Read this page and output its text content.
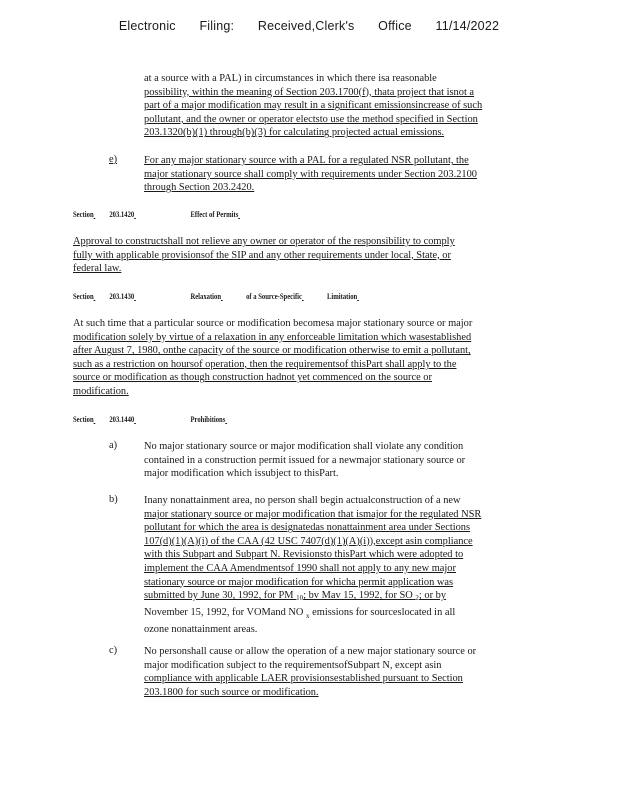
Electronic Filing: Received,Clerk's Office 11/14/2022
at a source with a PAL) in circumstances in which there isa reasonable
possibility, within the meaning of Section 203.1700(f), thata project that isnot a
part of a major modification may result in a significant emissionsincrease of such
pollutant, and the owner or operator electsto use the method specified in Section
203.1320(b)(1) through(b)(3) for calculating projected actual emissions.
e)	For any major stationary source with a PAL for a regulated NSR pollutant, the
major stationary source shall comply with requirements under Section 203.2100
through Section 203.2420.
Section 203.1420	Effect of Permits
Approval to constructshall not relieve any owner or operator of the responsibility to comply
fully with applicable provisionsof the SIP and any other requirements under local, State, or
federal law.
Section 203.1430	Relaxation	of a Source-Specific	Limitation
At such time that a particular source or modification becomesa major stationary source or major
modification solely by virtue of a relaxation in any enforceable limitation which wasestablished
after August 7, 1980, onthe capacity of the source or modification otherwise to emit a pollutant,
such as a restriction on hoursof operation, then the requirementsof thisPart shall apply to the
source or modification as though construction hadnot yet commenced on the source or
modification.
Section 203.1440	Prohibitions
a)	No major stationary source or major modification shall violate any condition
contained in a construction permit issued for a newmajor stationary source or
major modification which issubject to thisPart.
b)	Inany nonattainment area, no person shall begin actualconstruction of a new
major stationary source or major modification that ismajor for the regulated NSR
pollutant for which the area is designatedas nonattainment area under Sections
107(d)(1)(A)(i) of the CAA (42 USC 7407(d)(1)(A)(i)),except asin compliance
with this Subpart and Subpart N. Revisionsto thisPart which were adopted to
implement the CAA Amendmentsof 1990 shall not apply to any new major
stationary source or major modification for whicha permit application was
submitted by June 30, 1992, for PM $_{10}$; bv Mav 15, 1992, for SO $_2$; or by
November 15, 1992, for VOMand NO $_x$ emissions for sourceslocated in all
ozone nonattainment areas.
c)	No personshall cause or allow the operation of a new major stationary source or
major modification subject to the requirementsofSubpart N, except asin
compliance with applicable LAER provisionsestablished pursuant to Section
203.1800 for such source or modification.
